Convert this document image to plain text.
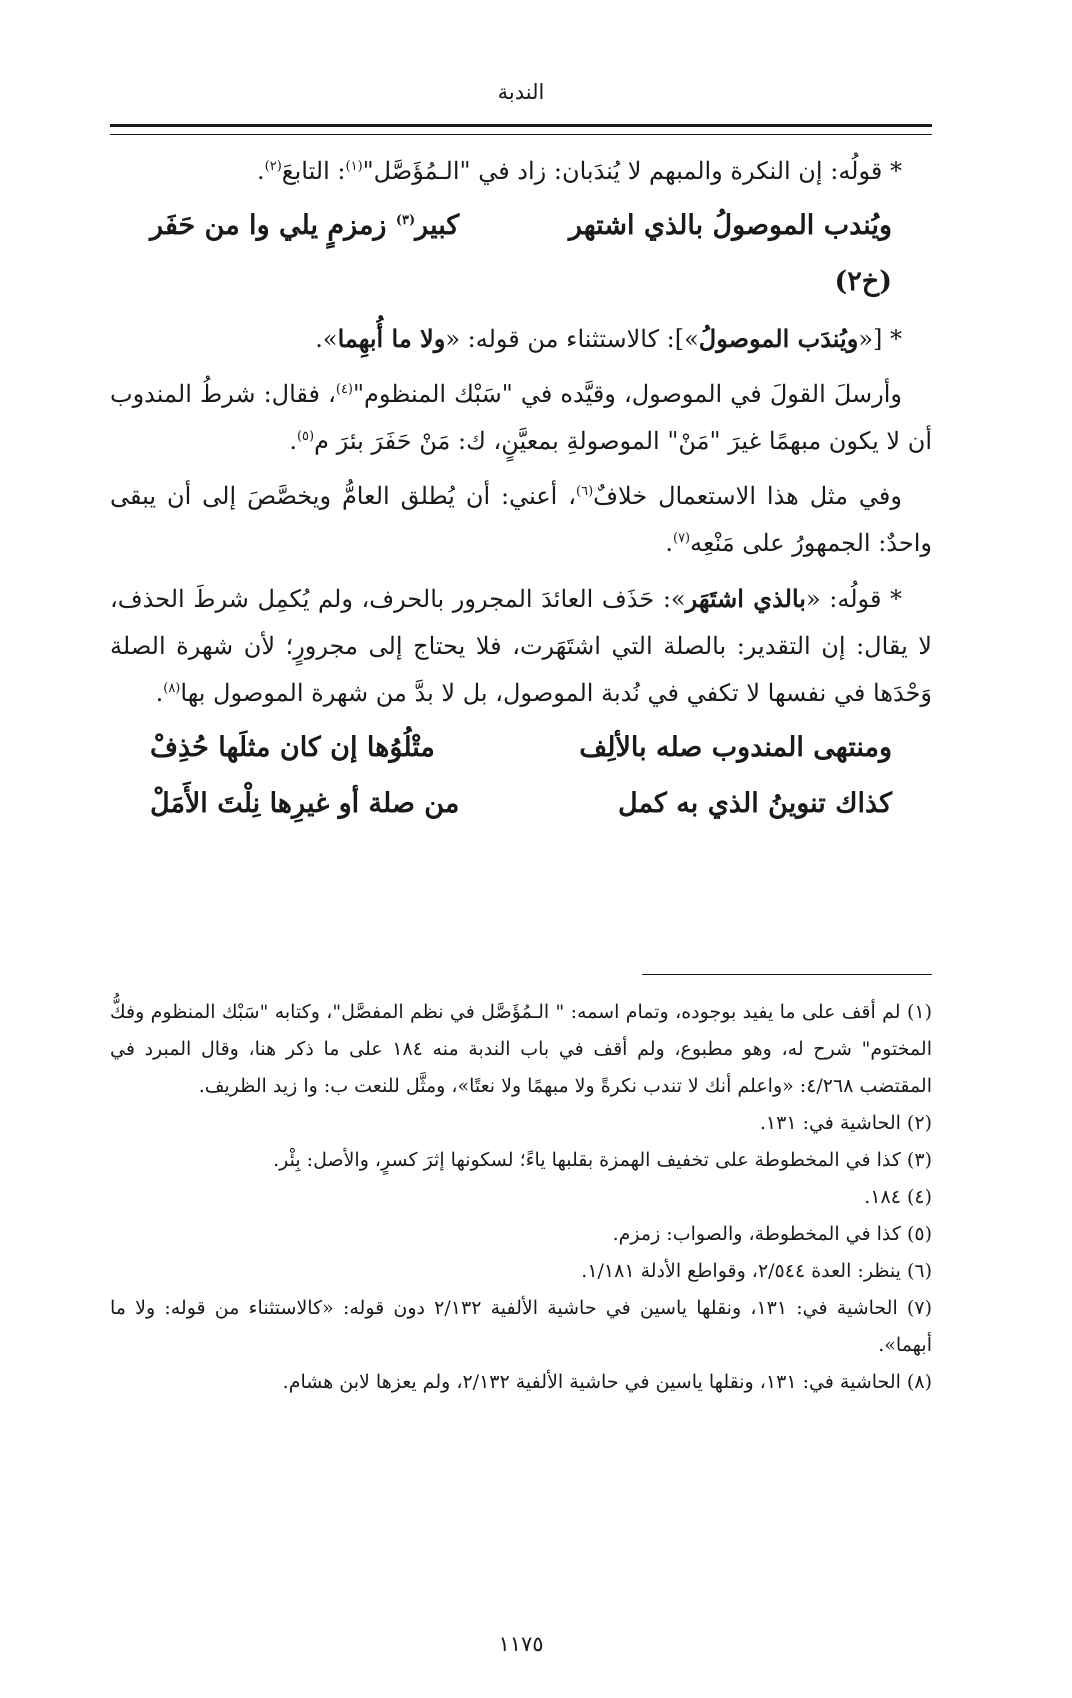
الندبة

* قولُه: إن النكرة والمبهم لا يُندَبان: زاد في "الـمُؤَصَّل"$^{(١)}$: التابعَ$^{(٢)}$.

ويُندب الموصولُ بالذي اشتهر
كبير$^{(٣)}$ زمزمٍ يلي وا من حَفَر
(خ٢)

* [«ويُندَب الموصولُ»]: كالاستثناء من قوله: «ولا ما أُبهِما».

وأرسلَ القولَ في الموصول، وقيَّده في "سَبْك المنظوم"$^{(٤)}$، فقال: شرطُ المندوب أن لا يكون مبهمًا غيرَ "مَنْ" الموصولةِ بمعيَّنٍ، ك: مَنْ حَفَرَ بئرَ م$^{(٥)}$.

وفي مثل هذا الاستعمال خلافٌ$^{(٦)}$، أعني: أن يُطلق العامُّ ويخصَّصَ إلى أن يبقى واحدٌ: الجمهورُ على مَنْعِه$^{(٧)}$.

* قولُه: «بالذي اشتَهَر»: حَذَف العائدَ المجرور بالحرف، ولم يُكمِل شرطَ الحذف، لا يقال: إن التقدير: بالصلة التي اشتَهَرت، فلا يحتاج إلى مجرورٍ؛ لأن شهرة الصلة وَحْدَها في نفسها لا تكفي في نُدبة الموصول، بل لا بدَّ من شهرة الموصول بها$^{(٨)}$.

ومنتهى المندوب صله بالألِف
متْلُوُها إن كان مثلَها حُذِفْ
كذاك تنوينُ الذي به كمل
من صلة أو غيرِها نِلْتَ الأَمَلْ

(١) لم أقف على ما يفيد بوجوده، وتمام اسمه: " الـمُؤَصَّل في نظم المفصَّل"، وكتابه "سَبْك المنظوم وفكُّ المختوم" شرح له، وهو مطبوع، ولم أقف في باب الندبة منه ١٨٤ على ما ذكر هنا، وقال المبرد في المقتضب ٤/٢٦٨: «واعلم أنك لا تندب نكرةً ولا مبهمًا ولا نعتًا»، ومثَّل للنعت ب: وا زيد الظريف.

(٢) الحاشية في: ١٣١.

(٣) كذا في المخطوطة على تخفيف الهمزة بقلبها ياءً؛ لسكونها إثرَ كسرٍ، والأصل: بِئْر.

(٤) ١٨٤.

(٥) كذا في المخطوطة، والصواب: زمزم.

(٦) ينظر: العدة ٢/٥٤٤، وقواطع الأدلة ١/١٨١.

(٧) الحاشية في: ١٣١، ونقلها ياسين في حاشية الألفية ٢/١٣٢ دون قوله: «كالاستثناء من قوله: ولا ما أبهما».

(٨) الحاشية في: ١٣١، ونقلها ياسين في حاشية الألفية ٢/١٣٢، ولم يعزها لابن هشام.

١١٧٥
